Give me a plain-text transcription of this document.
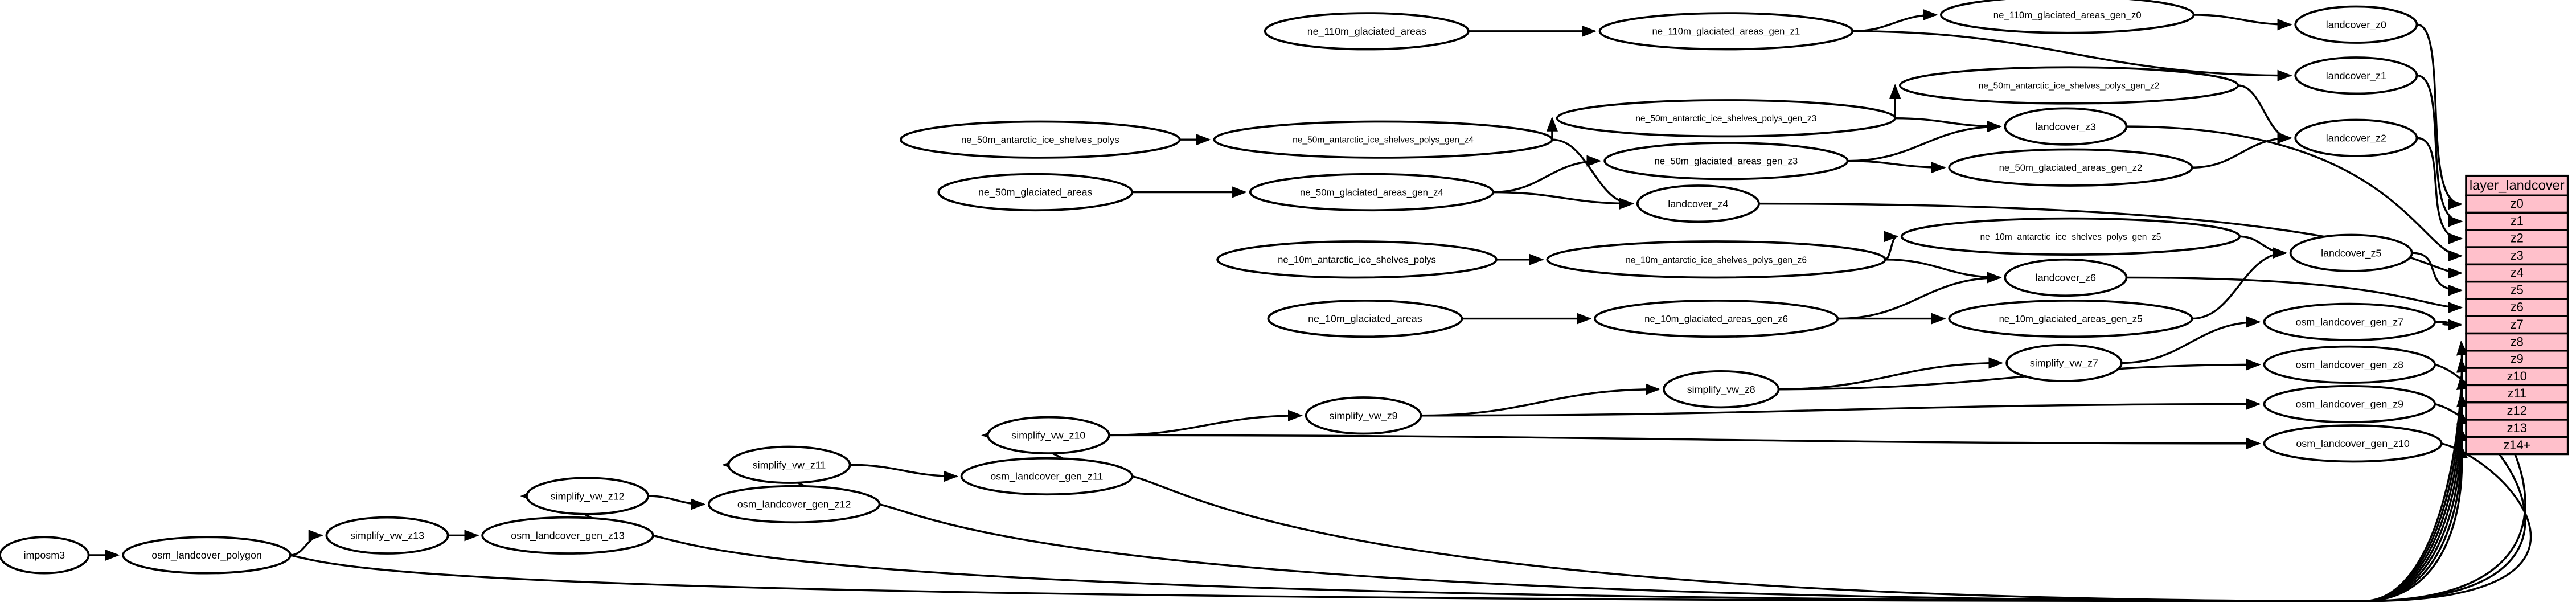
imposm3	osm_landcover_polygon
simplify_vw_z13	osm_landcover_gen_z13
simplify_vw_z12
osm_landcover_gen_z12
simplify_vw_z11
osm_landcover_gen_z11
simplify_vw_z10
simplify_vw_z9
simplify_vw_z8
simplify_vw_z7
osm_landcover_gen_z10
osm_landcover_gen_z9
osm_landcover_gen_z8
osm_landcover_gen_z7
ne_110m_glaciated_areas	ne_110m_glaciated_areas_gen_z1
ne_110m_glaciated_areas_gen_z0
landcover_z0
landcover_z1
ne_50m_antarctic_ice_shelves_polys_gen_z2
ne_50m_antarctic_ice_shelves_polys	ne_50m_antarctic_ice_shelves_polys_gen_z4
ne_50m_antarctic_ice_shelves_polys_gen_z3
landcover_z3
landcover_z2
ne_50m_glaciated_areas	ne_50m_glaciated_areas_gen_z4
ne_50m_glaciated_areas_gen_z3
ne_50m_glaciated_areas_gen_z2
landcover_z4
ne_10m_antarctic_ice_shelves_polys	ne_10m_antarctic_ice_shelves_polys_gen_z6
ne_10m_antarctic_ice_shelves_polys_gen_z5
landcover_z6
landcover_z5
ne_10m_glaciated_areas	ne_10m_glaciated_areas_gen_z6	ne_10m_glaciated_areas_gen_z5
layer_landcover
z0
z1
z2
z3
z4
z5
z6
z7
z8
z9
z10
z11
z12
z13
z14+
